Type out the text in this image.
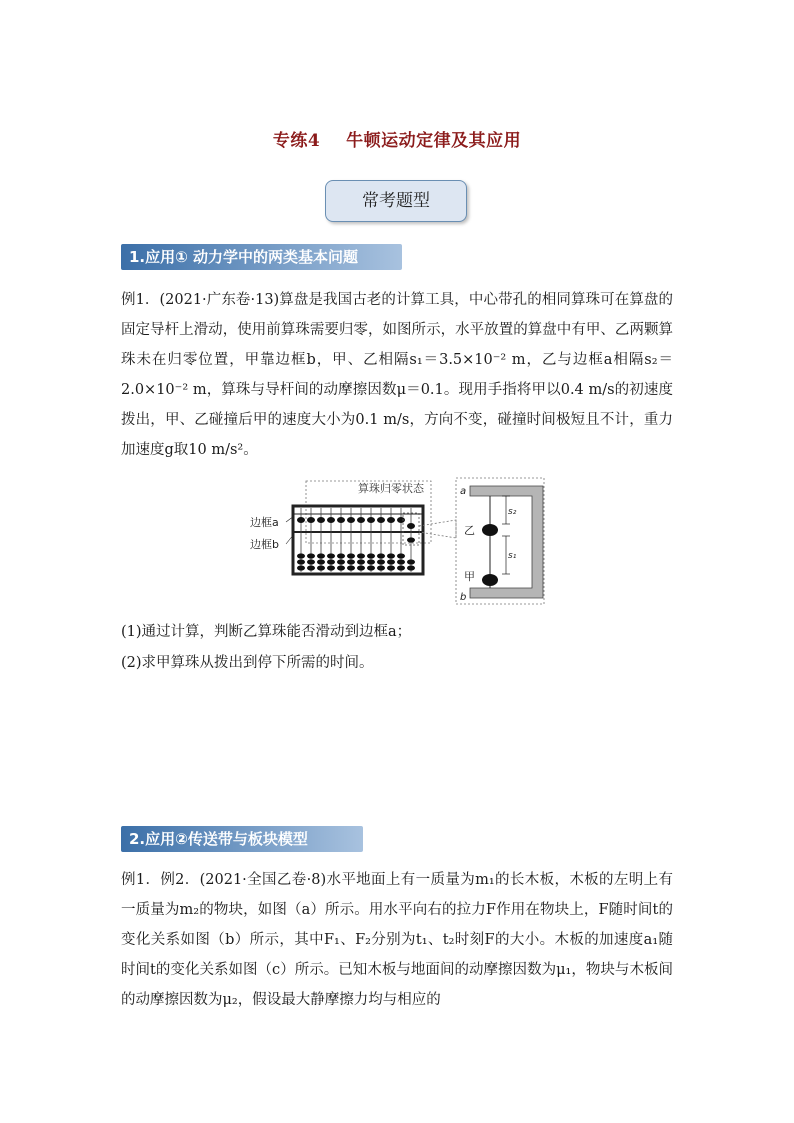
专练4 牛顿运动定律及其应用
常考题型
1.应用① 动力学中的两类基本问题
例1．(2021·广东卷·13)算盘是我国古老的计算工具，中心带孔的相同算珠可在算盘的固定导杆上滑动，使用前算珠需要归零，如图所示，水平放置的算盘中有甲、乙两颗算珠未在归零位置，甲靠边框b，甲、乙相隔s₁＝3.5×10⁻² m，乙与边框a相隔s₂＝2.0×10⁻² m，算珠与导杆间的动摩擦因数μ＝0.1。现用手指将甲以0.4 m/s的初速度拨出，甲、乙碰撞后甲的速度大小为0.1 m/s，方向不变，碰撞时间极短且不计，重力加速度g取10 m/s²。
算珠归零状态
边框a
边框b
s₂
s₁
a
b
乙
甲
(1)通过计算，判断乙算珠能否滑动到边框a；
(2)求甲算珠从拨出到停下所需的时间。
2.应用②传送带与板块模型
例1．例2．(2021·全国乙卷·8)水平地面上有一质量为m₁的长木板，木板的左明上有一质量为m₂的物块，如图（a）所示。用水平向右的拉力F作用在物块上，F随时间t的变化关系如图（b）所示，其中F₁、F₂分别为t₁、t₂时刻F的大小。木板的加速度a₁随时间t的变化关系如图（c）所示。已知木板与地面间的动摩擦因数为μ₁，物块与木板间的动摩擦因数为μ₂，假设最大静摩擦力均与相应的
